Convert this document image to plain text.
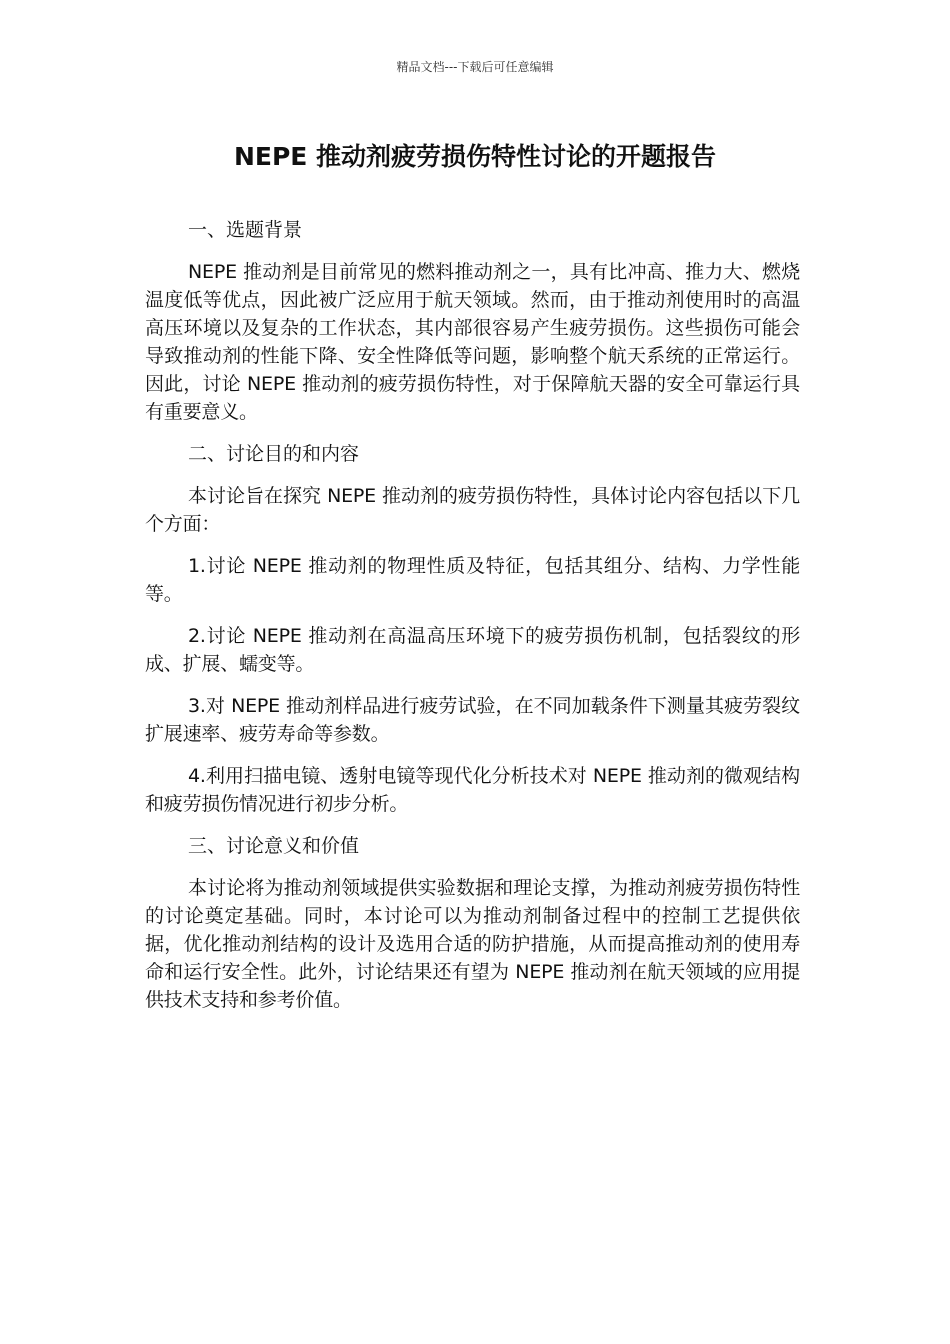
精品文档---下载后可任意编辑
NEPE 推动剂疲劳损伤特性讨论的开题报告

一、选题背景

NEPE 推动剂是目前常见的燃料推动剂之一，具有比冲高、推力大、燃烧温度低等优点，因此被广泛应用于航天领域。然而，由于推动剂使用时的高温高压环境以及复杂的工作状态，其内部很容易产生疲劳损伤。这些损伤可能会导致推动剂的性能下降、安全性降低等问题，影响整个航天系统的正常运行。因此，讨论 NEPE 推动剂的疲劳损伤特性，对于保障航天器的安全可靠运行具有重要意义。

二、讨论目的和内容

本讨论旨在探究 NEPE 推动剂的疲劳损伤特性，具体讨论内容包括以下几个方面：

1.讨论 NEPE 推动剂的物理性质及特征，包括其组分、结构、力学性能等。

2.讨论 NEPE 推动剂在高温高压环境下的疲劳损伤机制，包括裂纹的形成、扩展、蠕变等。

3.对 NEPE 推动剂样品进行疲劳试验，在不同加载条件下测量其疲劳裂纹扩展速率、疲劳寿命等参数。

4.利用扫描电镜、透射电镜等现代化分析技术对 NEPE 推动剂的微观结构和疲劳损伤情况进行初步分析。

三、讨论意义和价值

本讨论将为推动剂领域提供实验数据和理论支撑，为推动剂疲劳损伤特性的讨论奠定基础。同时，本讨论可以为推动剂制备过程中的控制工艺提供依据，优化推动剂结构的设计及选用合适的防护措施，从而提高推动剂的使用寿命和运行安全性。此外，讨论结果还有望为 NEPE 推动剂在航天领域的应用提供技术支持和参考价值。
